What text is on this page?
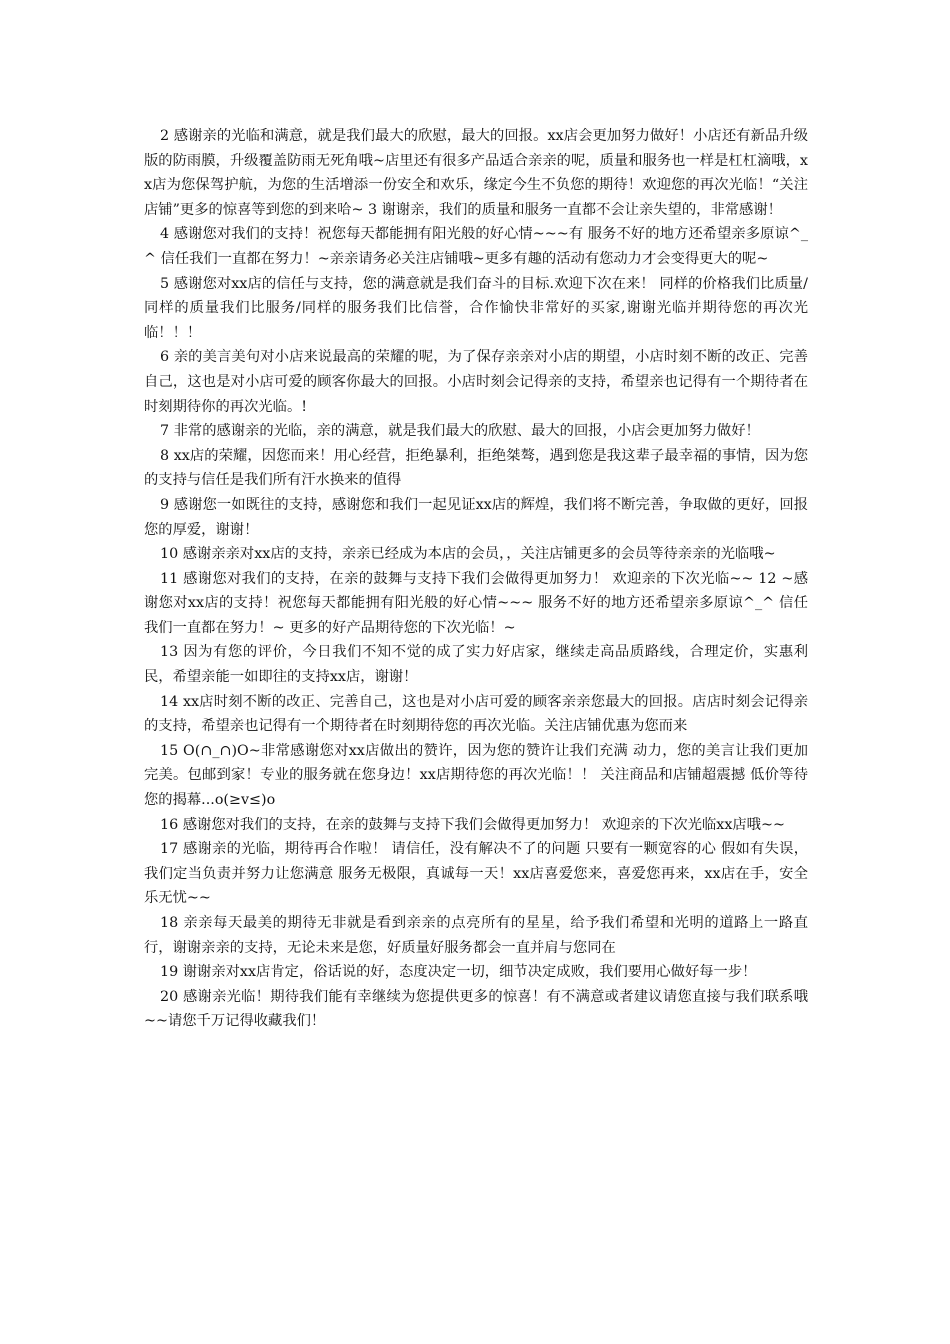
2 感谢亲的光临和满意，就是我们最大的欣慰，最大的回报。xx店会更加努力做好！小店还有新品升级版的防雨膜，升级覆盖防雨无死角哦~店里还有很多产品适合亲亲的呢，质量和服务也一样是杠杠滴哦，xx店为您保驾护航，为您的生活增添一份安全和欢乐，缘定今生不负您的期待！欢迎您的再次光临！“关注店铺”更多的惊喜等到您的到来哈~ 3 谢谢亲，我们的质量和服务一直都不会让亲失望的，非常感谢！

4 感谢您对我们的支持！祝您每天都能拥有阳光般的好心情~~~有 服务不好的地方还希望亲多原谅^_^ 信任我们一直都在努力！~亲亲请务必关注店铺哦~更多有趣的活动有您动力才会变得更大的呢~

5 感谢您对xx店的信任与支持，您的满意就是我们奋斗的目标.欢迎下次在来！ 同样的价格我们比质量/同样的质量我们比服务/同样的服务我们比信誉，合作愉快非常好的买家,谢谢光临并期待您的再次光临！！！

6 亲的美言美句对小店来说最高的荣耀的呢，为了保存亲亲对小店的期望，小店时刻不断的改正、完善自己，这也是对小店可爱的顾客你最大的回报。小店时刻会记得亲的支持，希望亲也记得有一个期待者在时刻期待你的再次光临。!

7 非常的感谢亲的光临，亲的满意，就是我们最大的欣慰、最大的回报，小店会更加努力做好！

8 xx店的荣耀，因您而来！用心经营，拒绝暴利，拒绝桀骜，遇到您是我这辈子最幸福的事情，因为您的支持与信任是我们所有汗水换来的值得

9 感谢您一如既往的支持，感谢您和我们一起见证xx店的辉煌，我们将不断完善，争取做的更好，回报您的厚爱，谢谢！

10 感谢亲亲对xx店的支持，亲亲已经成为本店的会员，，关注店铺更多的会员等待亲亲的光临哦~

11 感谢您对我们的支持，在亲的鼓舞与支持下我们会做得更加努力！ 欢迎亲的下次光临~~ 12 ~感谢您对xx店的支持！祝您每天都能拥有阳光般的好心情~~~ 服务不好的地方还希望亲多原谅^_^ 信任我们一直都在努力！~ 更多的好产品期待您的下次光临！~

13 因为有您的评价，今日我们不知不觉的成了实力好店家，继续走高品质路线，合理定价，实惠利民，希望亲能一如即往的支持xx店，谢谢！

14 xx店时刻不断的改正、完善自己，这也是对小店可爱的顾客亲亲您最大的回报。店店时刻会记得亲的支持，希望亲也记得有一个期待者在时刻期待您的再次光临。关注店铺优惠为您而来

15 O(∩_∩)O~非常感谢您对xx店做出的赞许，因为您的赞许让我们充满 动力，您的美言让我们更加完美。包邮到家！专业的服务就在您身边！xx店期待您的再次光临！！ 关注商品和店铺超震撼 低价等待您的揭幕...o(≥v≤)o

16 感谢您对我们的支持，在亲的鼓舞与支持下我们会做得更加努力！ 欢迎亲的下次光临xx店哦~~

17 感谢亲的光临，期待再合作啦！ 请信任，没有解决不了的问题 只要有一颗宽容的心 假如有失误，我们定当负责并努力让您满意 服务无极限，真诚每一天！xx店喜爱您来，喜爱您再来，xx店在手，安全乐无忧~~

18 亲亲每天最美的期待无非就是看到亲亲的点亮所有的星星，给予我们希望和光明的道路上一路直行，谢谢亲亲的支持，无论未来是您，好质量好服务都会一直并肩与您同在

19 谢谢亲对xx店肯定，俗话说的好，态度决定一切，细节决定成败，我们要用心做好每一步！

20 感谢亲光临！期待我们能有幸继续为您提供更多的惊喜！有不满意或者建议请您直接与我们联系哦~~请您千万记得收藏我们！
